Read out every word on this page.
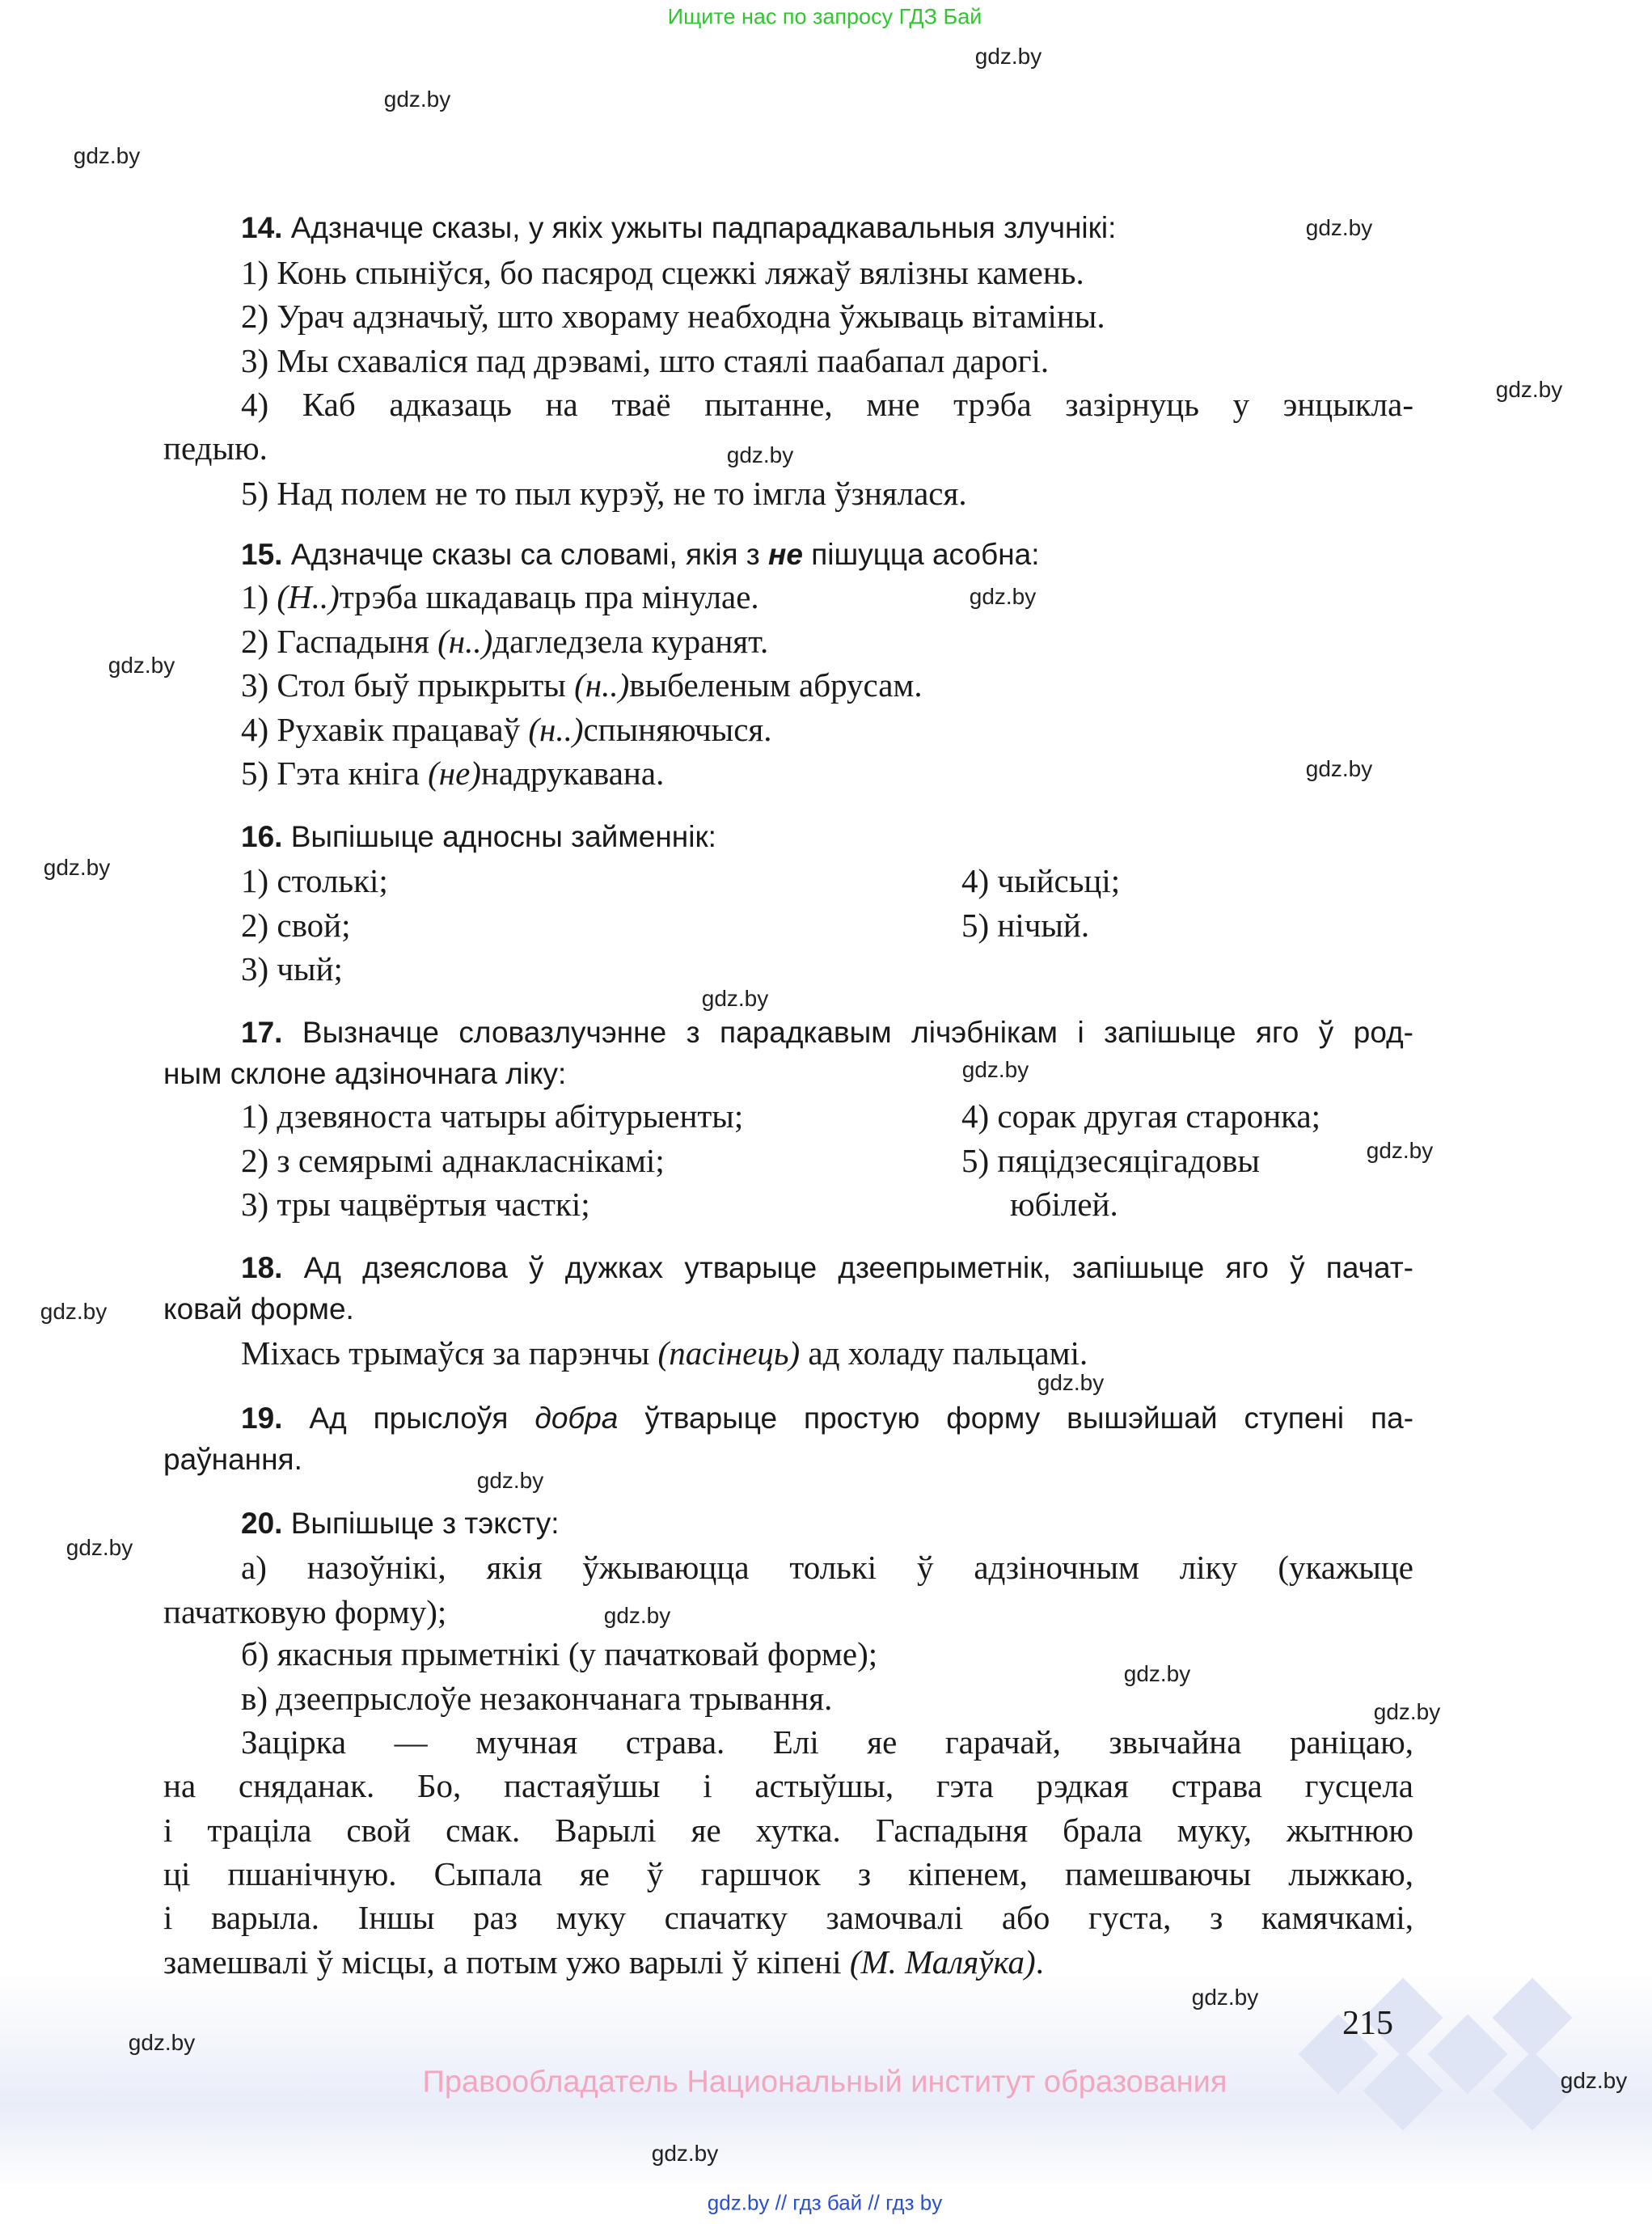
Ищите нас по запросу ГДЗ Бай
14. Адзначце сказы, у якіх ужыты падпарадкавальныя злучнікі:
1) Конь спыніўся, бо пасярод сцежкі ляжаў вялізны камень.
2) Урач адзначыў, што хвораму неабходна ўжываць вітаміны.
3) Мы схаваліся пад дрэвамі, што стаялі паабапал дарогі.
4) Каб адказаць на тваё пытанне, мне трэба зазірнуць у энцыкла-
педыю.
5) Над полем не то пыл курэў, не то імгла ўзнялася.
15. Адзначце сказы са словамі, якія з не пішуцца асобна:
1) (Н..)трэба шкадаваць пра мінулае.
2) Гаспадыня (н..)дагледзела куранят.
3) Стол быў прыкрыты (н..)выбеленым абрусам.
4) Рухавік працаваў (н..)спыняючыся.
5) Гэта кніга (не)надрукавана.
16. Выпішыце адносны займеннік:
1) столькі;
2) свой;
3) чый;
4) чыйсьці;
5) нічый.
17. Вызначце словазлучэнне з парадкавым лічэбнікам і запішыце яго ў род-
ным склоне адзіночнага ліку:
1) дзевяноста чатыры абітурыенты;
2) з семярымі аднакласнікамі;
3) тры чацвёртыя часткі;
4) сорак другая старонка;
5) пяцідзесяцігадовы
юбілей.
18. Ад дзеяслова ў дужках утварыце дзеепрыметнік, запішыце яго ў пачат-
ковай форме.
Міхась трымаўся за парэнчы (пасінець) ад холаду пальцамі.
19. Ад прыслоўя добра ўтварыце простую форму вышэйшай ступені па-
раўнання.
20. Выпішыце з тэксту:
а) назоўнікі, якія ўжываюцца толькі ў адзіночным ліку (укажыце
пачатковую форму);
б) якасныя прыметнікі (у пачатковай форме);
в) дзеепрыслоўе незакончанага трывання.
Зацірка — мучная страва. Елі яе гарачай, звычайна раніцаю,
на сняданак. Бо, пастаяўшы і астыўшы, гэта рэдкая страва гусцела
і траціла свой смак. Варылі яе хутка. Гаспадыня брала муку, жытнюю
ці пшанічную. Сыпала яе ў гаршчок з кіпенем, памешваючы лыжкаю,
і варыла. Іншы раз муку спачатку замочвалі або густа, з камячкамі,
замешвалі ў місцы, а потым ужо варылі ў кіпені (М. Маляўка).
215
Правообладатель Национальный институт образования
gdz.by // гдз бай // гдз by
gdz.by
gdz.by
gdz.by
gdz.by
gdz.by
gdz.by
gdz.by
gdz.by
gdz.by
gdz.by
gdz.by
gdz.by
gdz.by
gdz.by
gdz.by
gdz.by
gdz.by
gdz.by
gdz.by
gdz.by
gdz.by
gdz.by
gdz.by
gdz.by
